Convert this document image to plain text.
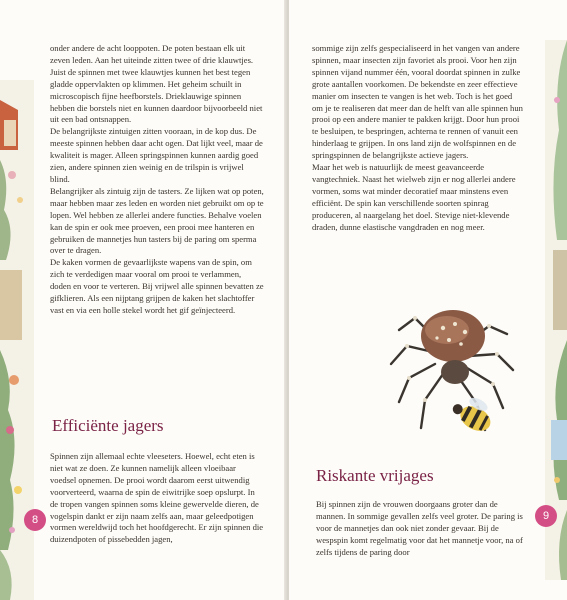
onder andere de acht looppoten. De poten bestaan elk uit zeven leden. Aan het uiteinde zitten twee of drie klauwtjes. Juist de spinnen met twee klauwtjes kunnen het best tegen gladde oppervlakten op klimmen. Het geheim schuilt in microscopisch fijne heefborstels. Drieklauwige spinnen hebben die borstels niet en kunnen daardoor bijvoorbeeld niet uit een bad ontsnappen.

De belangrijkste zintuigen zitten vooraan, in de kop dus. De meeste spinnen hebben daar acht ogen. Dat lijkt veel, maar de kwaliteit is mager. Alleen springspinnen kunnen aardig goed zien, andere spinnen zien weinig en de trilspin is vrijwel blind.

Belangrijker als zintuig zijn de tasters. Ze lijken wat op poten, maar hebben maar zes leden en worden niet gebruikt om op te lopen. Wel hebben ze allerlei andere functies. Behalve voelen kan de spin er ook mee proeven, een prooi mee hanteren en gebruiken de mannetjes hun tasters bij de paring om sperma over te dragen.

De kaken vormen de gevaarlijkste wapens van de spin, om zich te verdedigen maar vooral om prooi te verlammen, doden en voor te verteren. Bij vrijwel alle spinnen bevatten ze gifklieren. Als een nijptang grijpen de kaken het slachtoffer vast en via een holle stekel wordt het gif geïnjecteerd.

Efficiënte jagers

Spinnen zijn allemaal echte vleeseters. Hoewel, echt eten is niet wat ze doen. Ze kunnen namelijk alleen vloeibaar voedsel opnemen. De prooi wordt daarom eerst uitwendig voorverteerd, waarna de spin de eiwitrijke soep opslurpt. In de tropen vangen spinnen soms kleine gewervelde dieren, de vogelspin dankt er zijn naam zelfs aan, maar geleedpotigen vormen wereldwijd toch het hoofdgerecht. Er zijn spinnen die duizendpoten of pissebedden jagen,

8

sommige zijn zelfs gespecialiseerd in het vangen van andere spinnen, maar insecten zijn favoriet als prooi. Voor hen zijn spinnen vijand nummer één, vooral doordat spinnen in zulke grote aantallen voorkomen. De bekendste en zeer effectieve manier om insecten te vangen is het web. Toch is het goed om je te realiseren dat meer dan de helft van alle spinnen hun prooi op een andere manier te pakken krijgt. Door hun prooi te besluipen, te bespringen, achterna te rennen of vanuit een hinderlaag te grijpen. In ons land zijn de wolfspinnen en de springspinnen de belangrijkste actieve jagers.

Maar het web is natuurlijk de meest geavanceerde vangtechniek. Naast het wielweb zijn er nog allerlei andere vormen, soms wat minder decoratief maar minstens even efficiënt. De spin kan verschillende soorten spinrag produceren, al naargelang het doel. Stevige niet-klevende draden, dunne elastische vangdraden en nog meer.

Riskante vrijages

Bij spinnen zijn de vrouwen doorgaans groter dan de mannen. In sommige gevallen zelfs veel groter. De paring is voor de mannetjes dan ook niet zonder gevaar. Bij de wespspin komt regelmatig voor dat het mannetje voor, na of zelfs tijdens de paring door

9
